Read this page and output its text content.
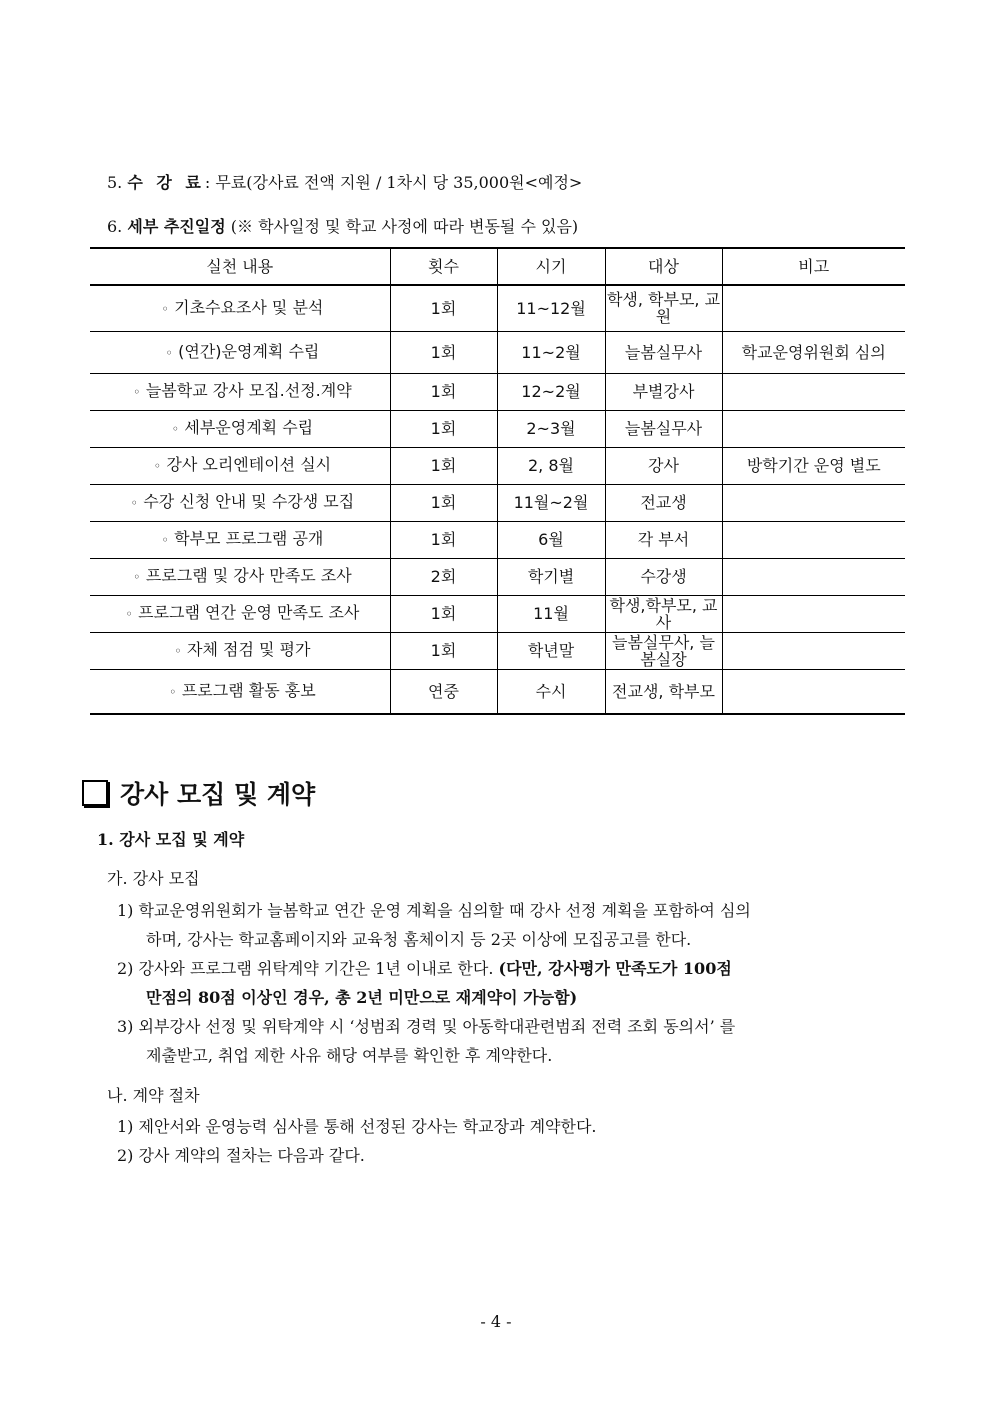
5. 수 강 료: 무료(강사료 전액 지원 / 1차시 당 35,000원<예정>
6. 세부 추진일정 (※ 학사일정 및 학교 사정에 따라 변동될 수 있음)
실천 내용	횟수	시기	대상	비고
◦ 기초수요조사 및 분석	1회	11~12월	학생, 학부모, 교원	
◦ (연간)운영계획 수립	1회	11~2월	늘봄실무사	학교운영위원회 심의
◦ 늘봄학교 강사 모집.선정.계약	1회	12~2월	부별강사	
◦ 세부운영계획 수립	1회	2~3월	늘봄실무사	
◦ 강사 오리엔테이션 실시	1회	2, 8월	강사	방학기간 운영 별도
◦ 수강 신청 안내 및 수강생 모집	1회	11월~2월	전교생	
◦ 학부모 프로그램 공개	1회	6월	각 부서	
◦ 프로그램 및 강사 만족도 조사	2회	학기별	수강생	
◦ 프로그램 연간 운영 만족도 조사	1회	11월	학생,학부모, 교사	
◦ 자체 점검 및 평가	1회	학년말	늘봄실무사, 늘봄실장	
◦ 프로그램 활동 홍보	연중	수시	전교생, 학부모	
강사 모집 및 계약
1. 강사 모집 및 계약
가. 강사 모집
1) 학교운영위원회가 늘봄학교 연간 운영 계획을 심의할 때 강사 선정 계획을 포함하여 심의
하며, 강사는 학교홈페이지와 교육청 홈체이지 등 2곳 이상에 모집공고를 한다.
2) 강사와 프로그램 위탁계약 기간은 1년 이내로 한다. (다만, 강사평가 만족도가 100점
만점의 80점 이상인 경우, 총 2년 미만으로 재계약이 가능함)
3) 외부강사 선정 및 위탁계약 시 ‘성범죄 경력 및 아동학대관련범죄 전력 조회 동의서’ 를
제출받고, 취업 제한 사유 해당 여부를 확인한 후 계약한다.
나. 계약 절차
1) 제안서와 운영능력 심사를 통해 선정된 강사는 학교장과 계약한다.
2) 강사 계약의 절차는 다음과 같다.
- 4 -
